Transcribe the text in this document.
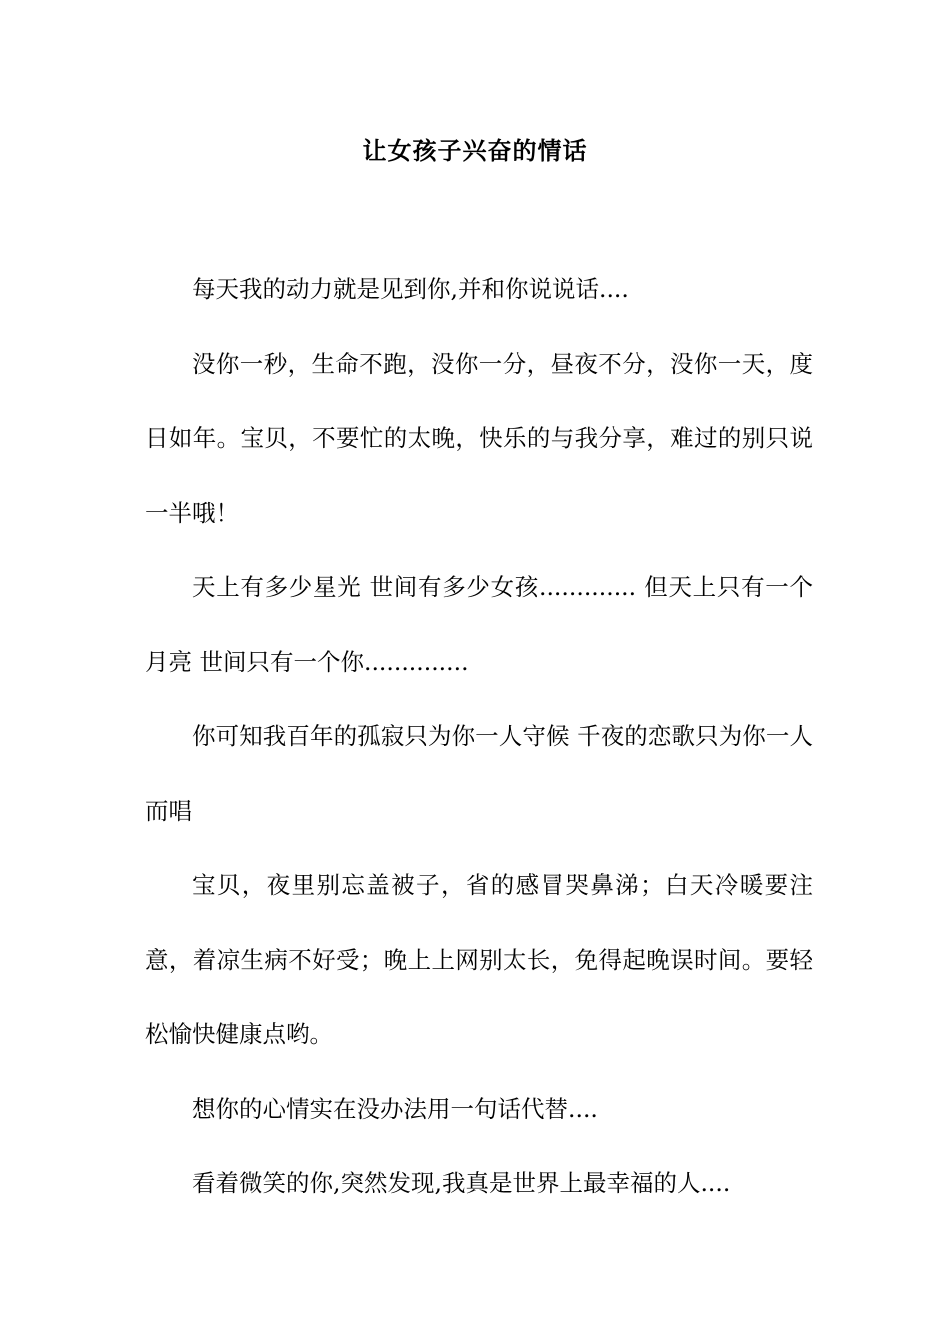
让女孩子兴奋的情话

每天我的动力就是见到你,并和你说说话....

没你一秒，生命不跑，没你一分，昼夜不分，没你一天，度日如年。宝贝，不要忙的太晚，快乐的与我分享，难过的别只说一半哦！

天上有多少星光 世间有多少女孩............. 但天上只有一个月亮 世间只有一个你..............

你可知我百年的孤寂只为你一人守候 千夜的恋歌只为你一人而唱

宝贝，夜里别忘盖被子，省的感冒哭鼻涕；白天冷暖要注意，着凉生病不好受；晚上上网别太长，免得起晚误时间。要轻松愉快健康点哟。

想你的心情实在没办法用一句话代替....

看着微笑的你,突然发现,我真是世界上最幸福的人....
